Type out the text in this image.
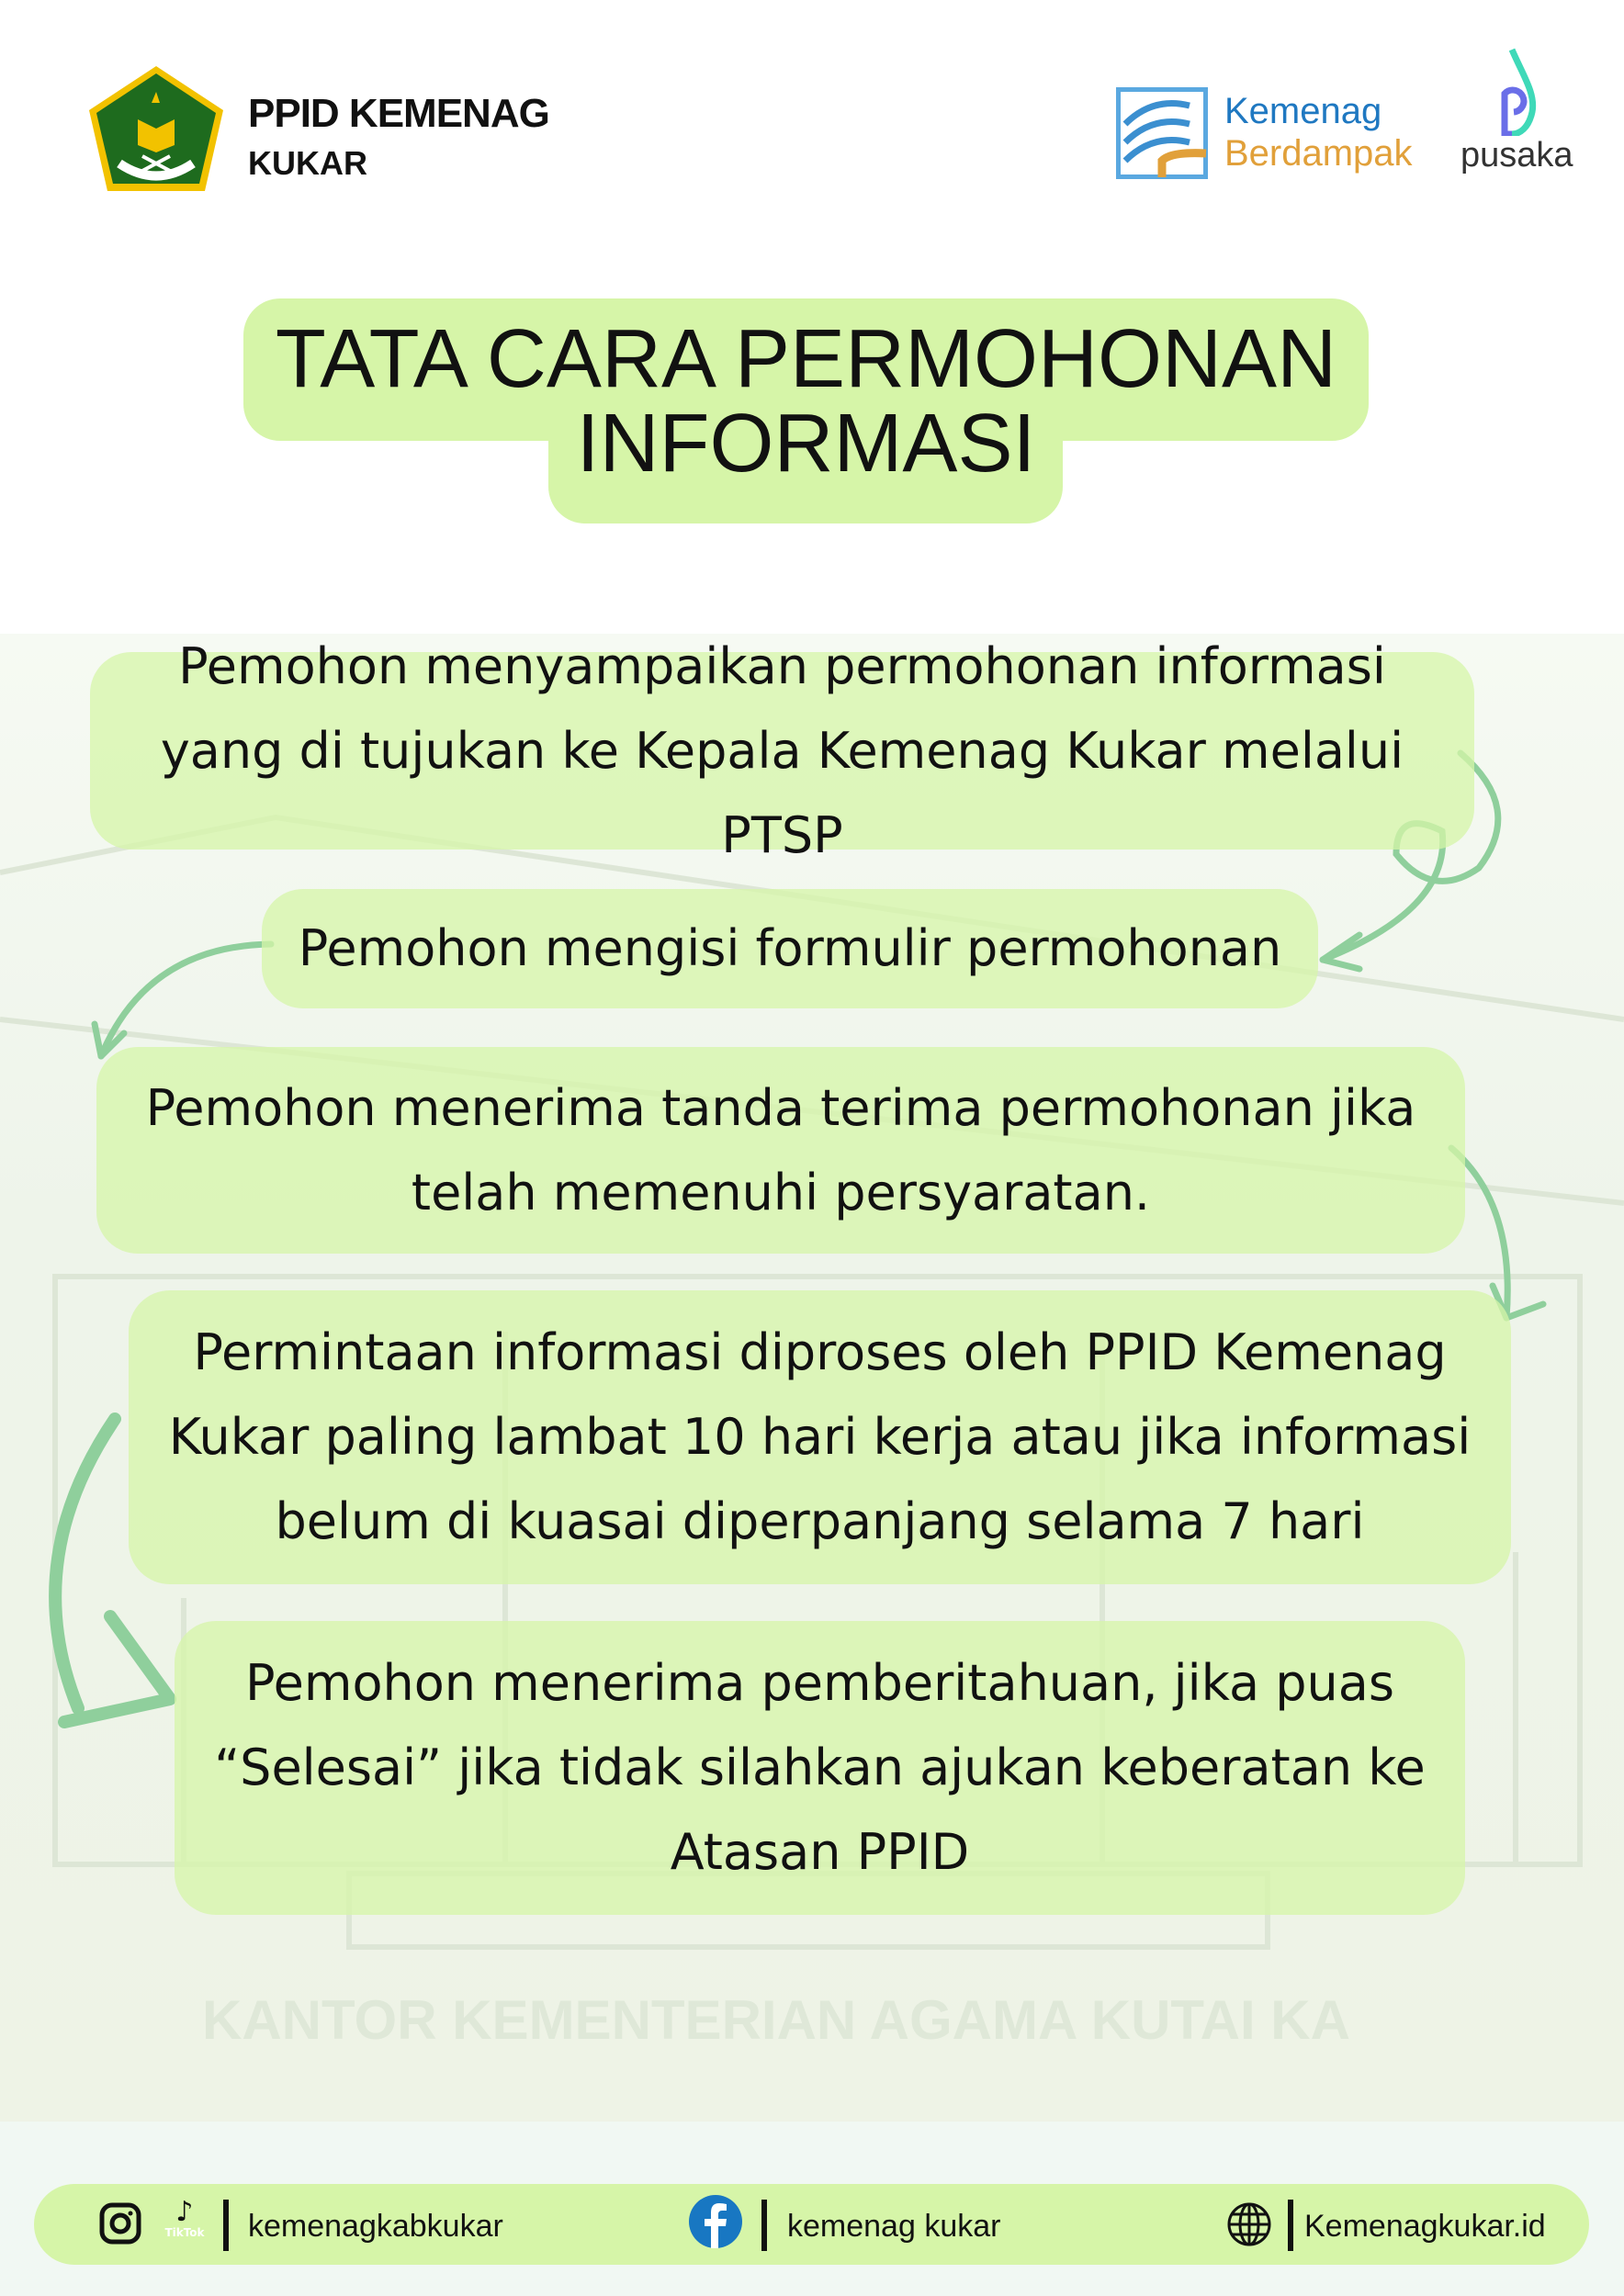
KANTOR KEMENTERIAN AGAMA KUTAI KA
PPID KEMENAG
KUKAR
Kemenag
Berdampak pusaka
TATA CARA PERMOHONAN
INFORMASI
Pemohon menyampaikan permohonan informasi yang di tujukan ke Kepala Kemenag Kukar melalui PTSP
Pemohon mengisi formulir permohonan
Pemohon menerima tanda terima permohonan jika telah memenuhi persyaratan.
Permintaan informasi diproses oleh PPID Kemenag Kukar paling lambat 10 hari kerja atau jika informasi belum di kuasai diperpanjang selama 7 hari
Pemohon menerima pemberitahuan, jika puas “Selesai” jika tidak silahkan ajukan keberatan ke Atasan PPID
♪
TikTok kemenagkabkukar	kemenag kukar	Kemenagkukar.id
